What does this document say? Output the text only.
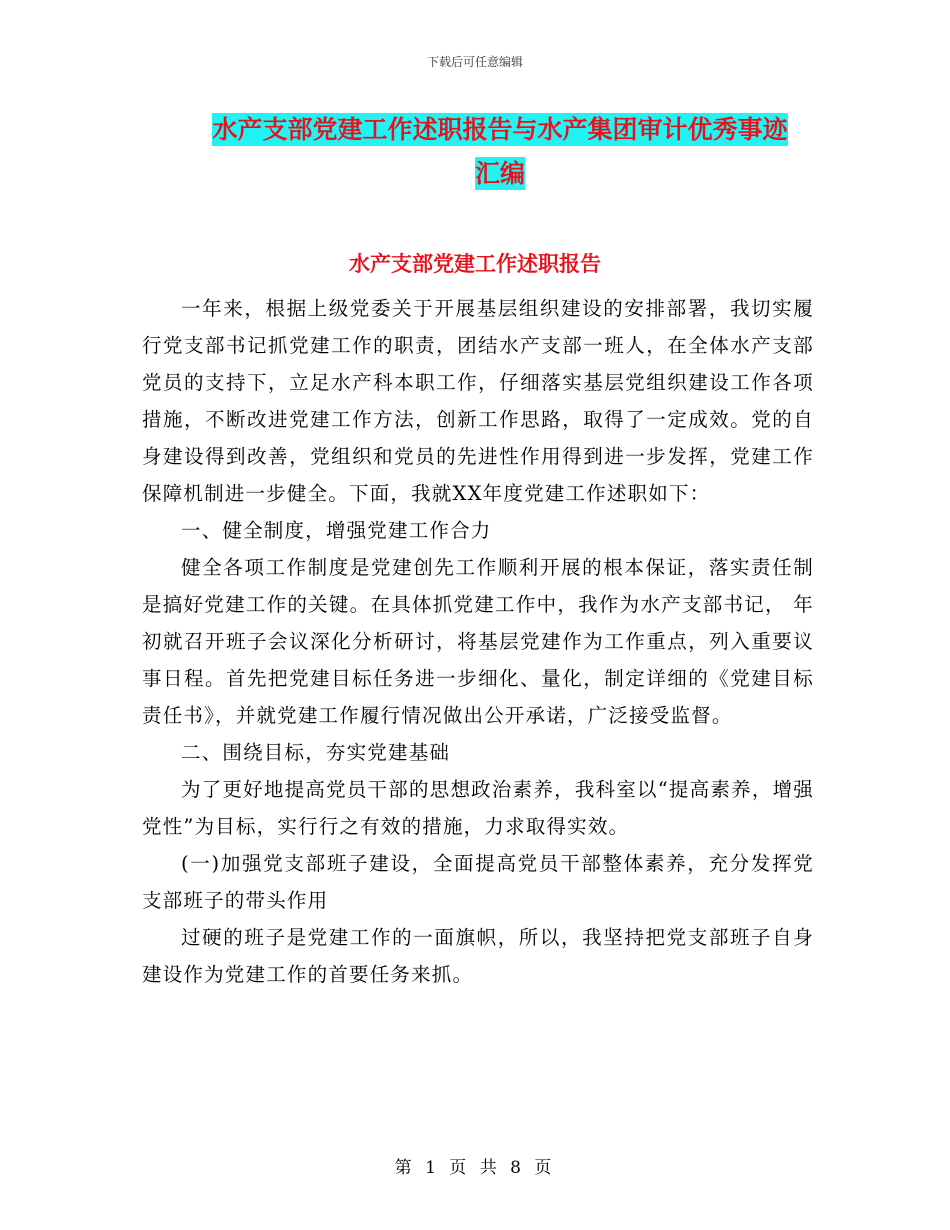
下载后可任意编辑
水产支部党建工作述职报告与水产集团审计优秀事迹
汇编
水产支部党建工作述职报告

一年来，根据上级党委关于开展基层组织建设的安排部署，我切实履行党支部书记抓党建工作的职责，团结水产支部一班人，在全体水产支部党员的支持下，立足水产科本职工作，仔细落实基层党组织建设工作各项措施，不断改进党建工作方法，创新工作思路，取得了一定成效。党的自身建设得到改善，党组织和党员的先进性作用得到进一步发挥，党建工作保障机制进一步健全。下面，我就XX年度党建工作述职如下：

一、健全制度，增强党建工作合力

健全各项工作制度是党建创先工作顺利开展的根本保证，落实责任制是搞好党建工作的关键。在具体抓党建工作中，我作为水产支部书记， 年初就召开班子会议深化分析研讨，将基层党建作为工作重点，列入重要议事日程。首先把党建目标任务进一步细化、量化，制定详细的《党建目标责任书》，并就党建工作履行情况做出公开承诺，广泛接受监督。

二、围绕目标，夯实党建基础

为了更好地提高党员干部的思想政治素养，我科室以“提高素养，增强党性”为目标，实行行之有效的措施，力求取得实效。

(一)加强党支部班子建设，全面提高党员干部整体素养，充分发挥党支部班子的带头作用

过硬的班子是党建工作的一面旗帜，所以，我坚持把党支部班子自身建设作为党建工作的首要任务来抓。

第 1 页 共 8 页
